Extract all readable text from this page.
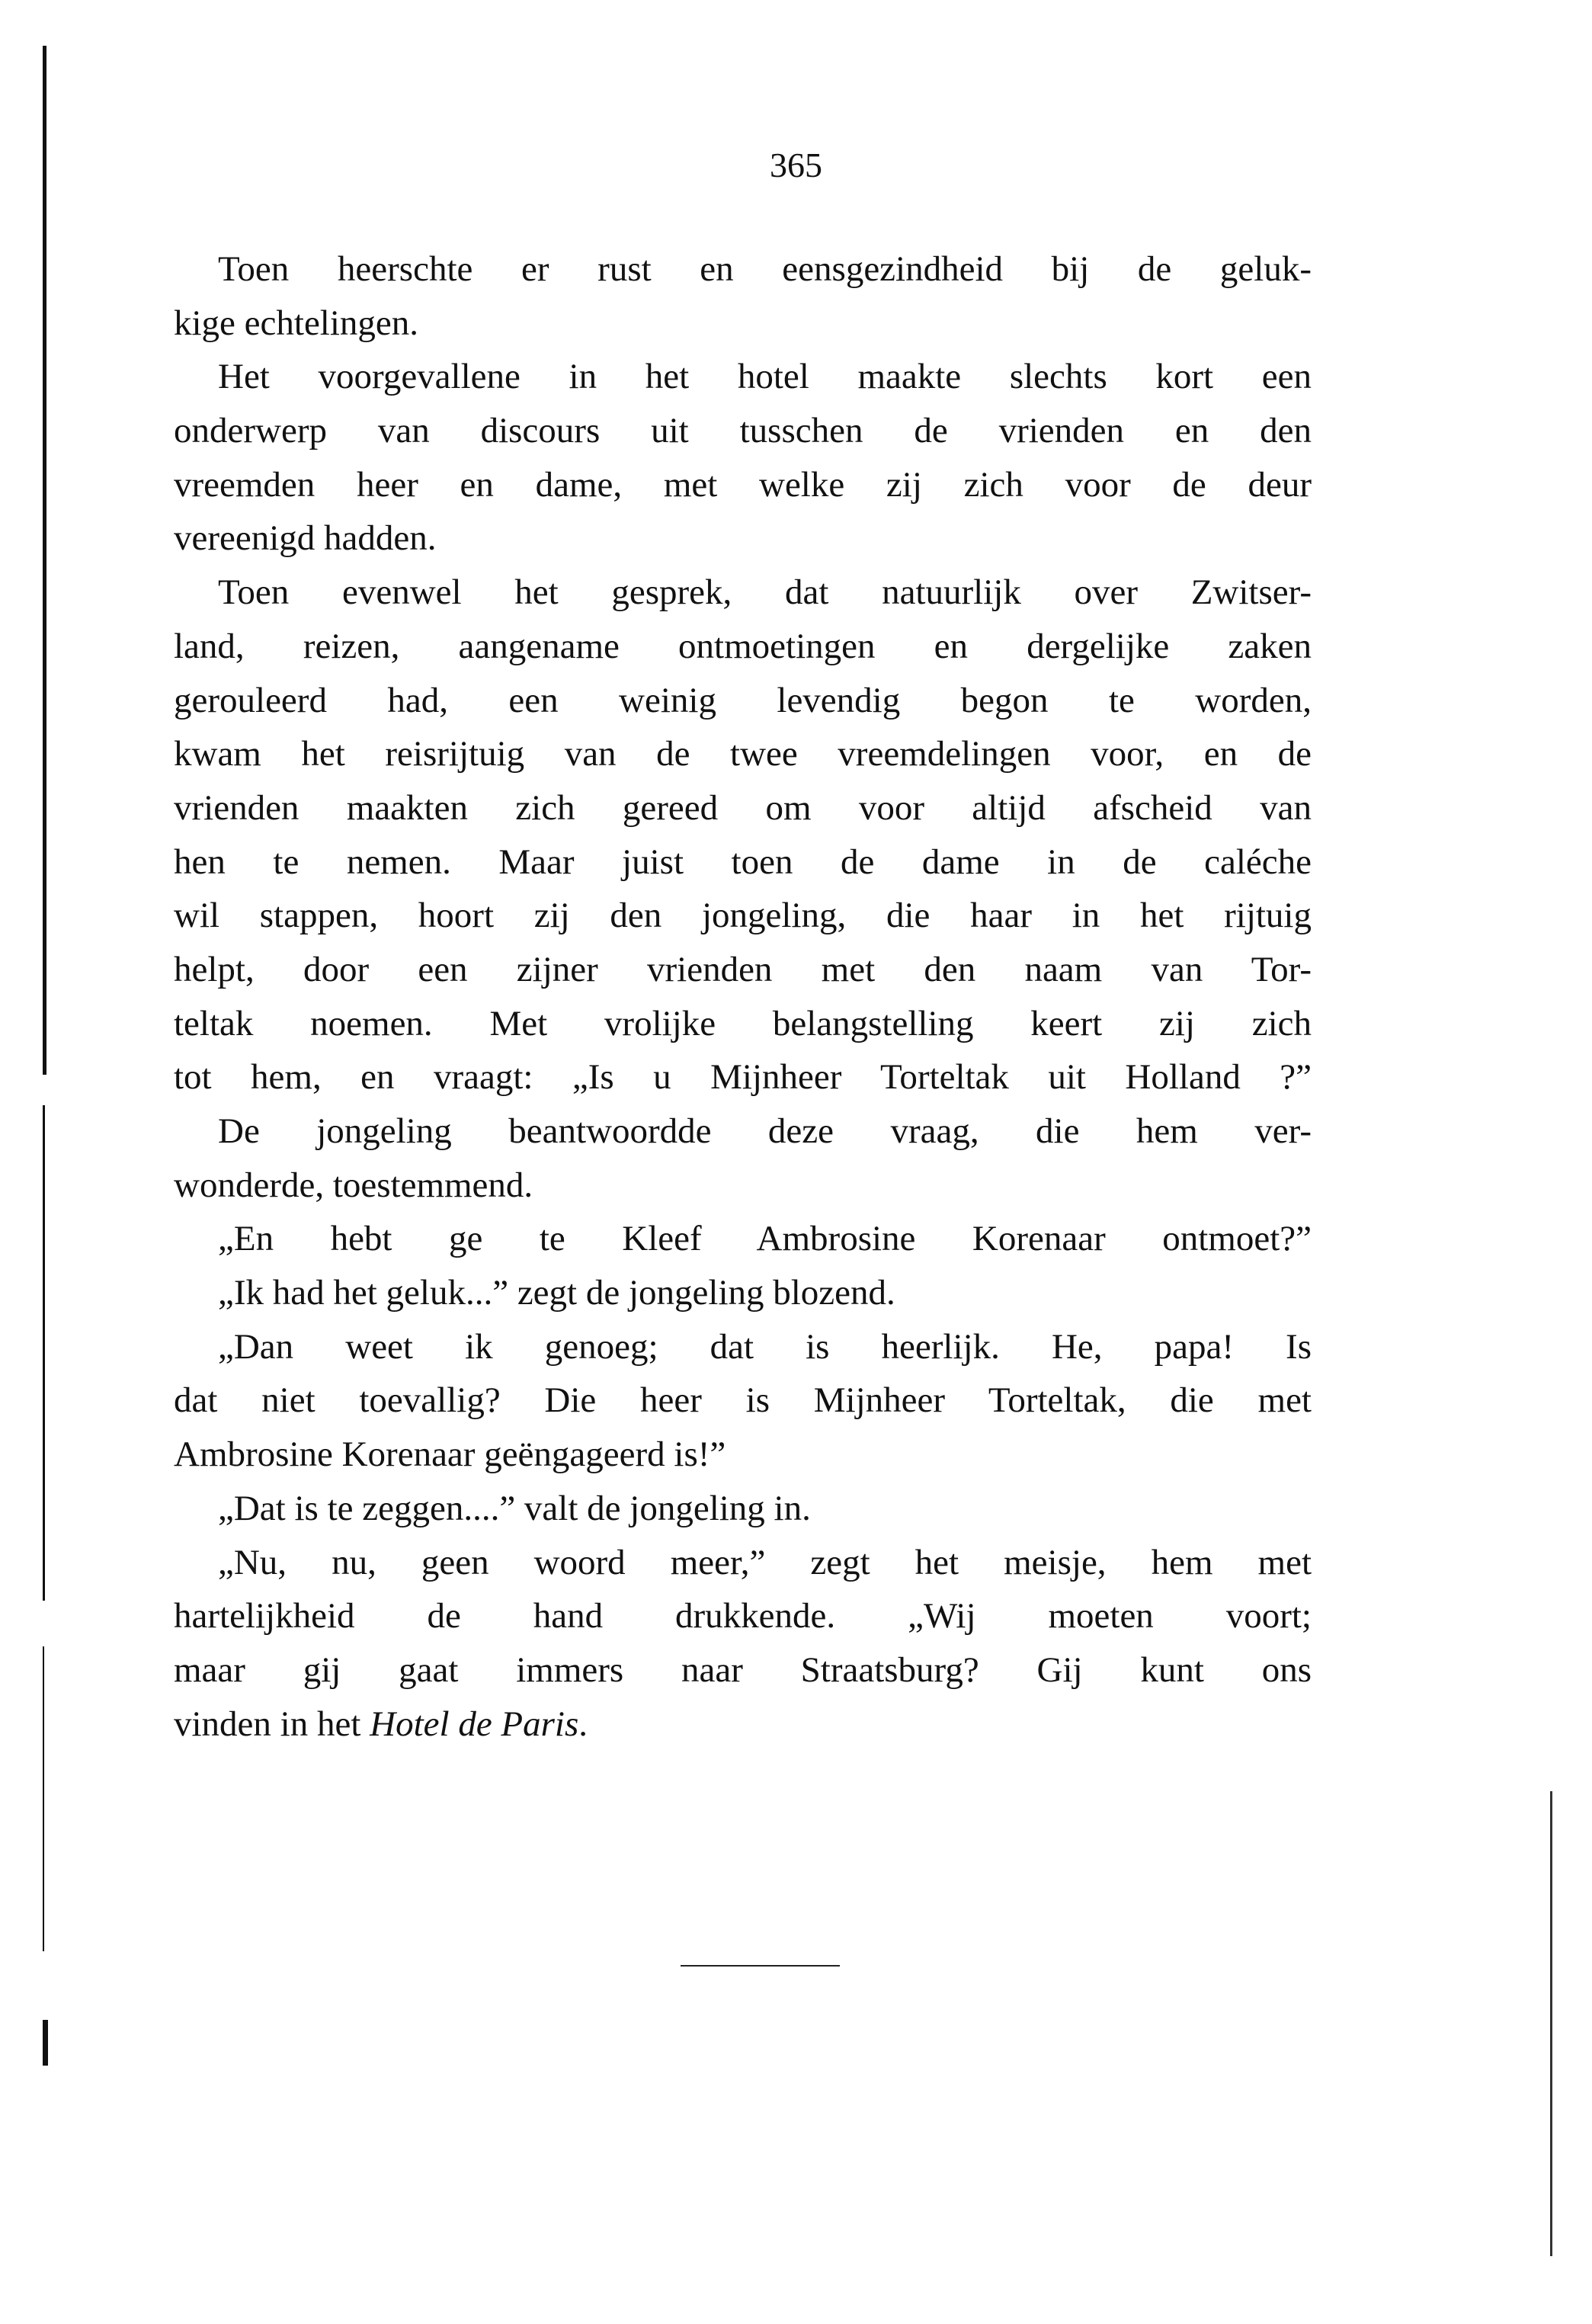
365
Toen heerschte er rust en eensgezindheid bij de geluk-
kige echtelingen.
Het voorgevallene in het hotel maakte slechts kort een
onderwerp van discours uit tusschen de vrienden en den
vreemden heer en dame, met welke zij zich voor de deur
vereenigd hadden.
Toen evenwel het gesprek, dat natuurlijk over Zwitser-
land, reizen, aangename ontmoetingen en dergelijke zaken
gerouleerd had, een weinig levendig begon te worden,
kwam het reisrijtuig van de twee vreemdelingen voor, en de
vrienden maakten zich gereed om voor altijd afscheid van
hen te nemen. Maar juist toen de dame in de caléche
wil stappen, hoort zij den jongeling, die haar in het rijtuig
helpt, door een zijner vrienden met den naam van Tor-
teltak noemen. Met vrolijke belangstelling keert zij zich
tot hem, en vraagt: „Is u Mijnheer Torteltak uit Holland ?”
De jongeling beantwoordde deze vraag, die hem ver-
wonderde, toestemmend.
„En hebt ge te Kleef Ambrosine Korenaar ontmoet?”
„Ik had het geluk...” zegt de jongeling blozend.
„Dan weet ik genoeg; dat is heerlijk. He, papa! Is
dat niet toevallig? Die heer is Mijnheer Torteltak, die met
Ambrosine Korenaar geëngageerd is!”
„Dat is te zeggen....” valt de jongeling in.
„Nu, nu, geen woord meer,” zegt het meisje, hem met
hartelijkheid de hand drukkende. „Wij moeten voort;
maar gij gaat immers naar Straatsburg? Gij kunt ons
vinden in het Hotel de Paris.
